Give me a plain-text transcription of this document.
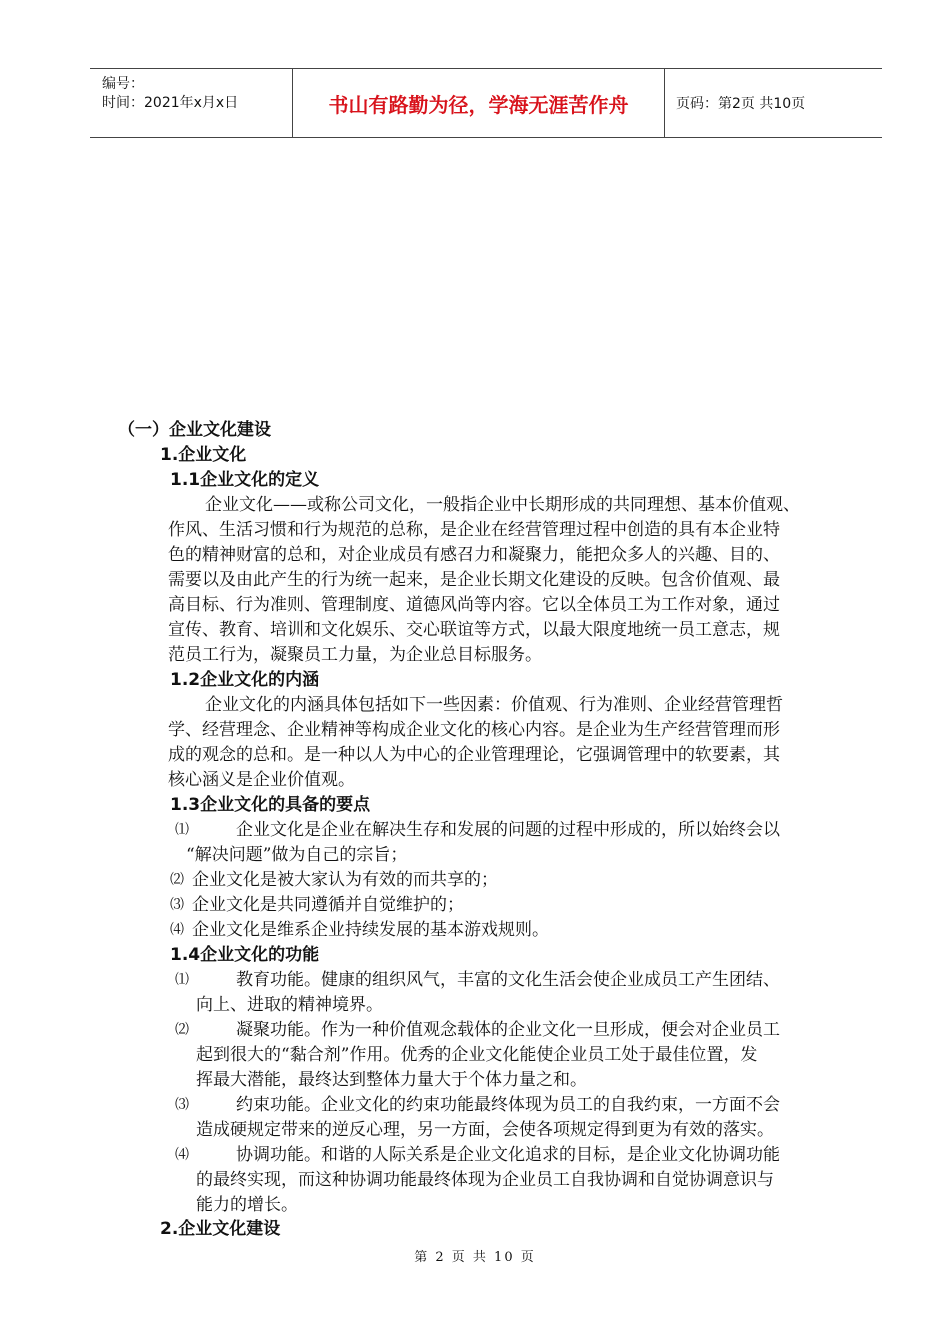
编号：
时间：2021年x月x日	书山有路勤为径，学海无涯苦作舟	页码：第2页 共10页
（一）企业文化建设
1.企业文化
1.1企业文化的定义
企业文化——或称公司文化，一般指企业中长期形成的共同理想、基本价值观、
作风、生活习惯和行为规范的总称，是企业在经营管理过程中创造的具有本企业特
色的精神财富的总和，对企业成员有感召力和凝聚力，能把众多人的兴趣、目的、
需要以及由此产生的行为统一起来，是企业长期文化建设的反映。包含价值观、最
高目标、行为准则、管理制度、道德风尚等内容。它以全体员工为工作对象，通过
宣传、教育、培训和文化娱乐、交心联谊等方式，以最大限度地统一员工意志，规
范员工行为，凝聚员工力量，为企业总目标服务。
1.2企业文化的内涵
企业文化的内涵具体包括如下一些因素：价值观、行为准则、企业经营管理哲
学、经营理念、企业精神等构成企业文化的核心内容。是企业为生产经营管理而形
成的观念的总和。是一种以人为中心的企业管理理论，它强调管理中的软要素，其
核心涵义是企业价值观。
1.3企业文化的具备的要点
⑴	企业文化是企业在解决生存和发展的问题的过程中形成的，所以始终会以
“解决问题”做为自己的宗旨；
⑵ 企业文化是被大家认为有效的而共享的；
⑶ 企业文化是共同遵循并自觉维护的；
⑷ 企业文化是维系企业持续发展的基本游戏规则。
1.4企业文化的功能
⑴	教育功能。健康的组织风气，丰富的文化生活会使企业成员工产生团结、
向上、进取的精神境界。
⑵	凝聚功能。作为一种价值观念载体的企业文化一旦形成，便会对企业员工
起到很大的“黏合剂”作用。优秀的企业文化能使企业员工处于最佳位置，发
挥最大潜能，最终达到整体力量大于个体力量之和。
⑶	约束功能。企业文化的约束功能最终体现为员工的自我约束，一方面不会
造成硬规定带来的逆反心理，另一方面，会使各项规定得到更为有效的落实。
⑷	协调功能。和谐的人际关系是企业文化追求的目标，是企业文化协调功能
的最终实现，而这种协调功能最终体现为企业员工自我协调和自觉协调意识与
能力的增长。
2.企业文化建设
第 2 页 共 10 页
